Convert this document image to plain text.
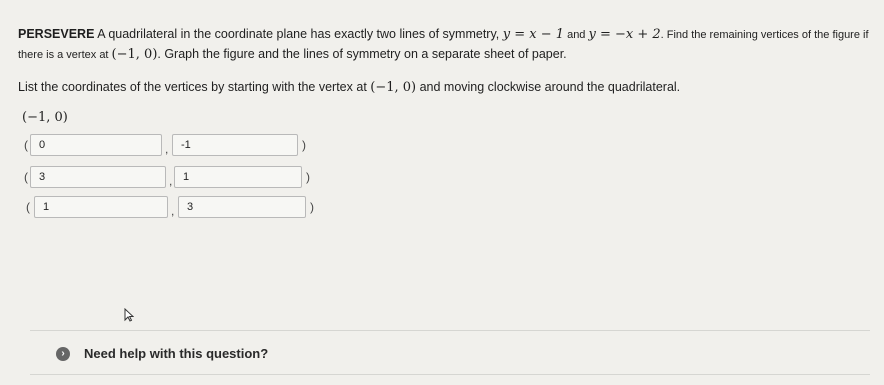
PERSEVERE A quadrilateral in the coordinate plane has exactly two lines of symmetry, y = x − 1 and y = −x + 2. Find the remaining vertices of the figure if there is a vertex at (−1, 0). Graph the figure and the lines of symmetry on a separate sheet of paper.
List the coordinates of the vertices by starting with the vertex at (−1, 0) and moving clockwise around the quadrilateral.
(−1, 0)
(	0	,	-1	)
(	3	, 1	)
(	1	,	3	)
›	Need help with this question?
